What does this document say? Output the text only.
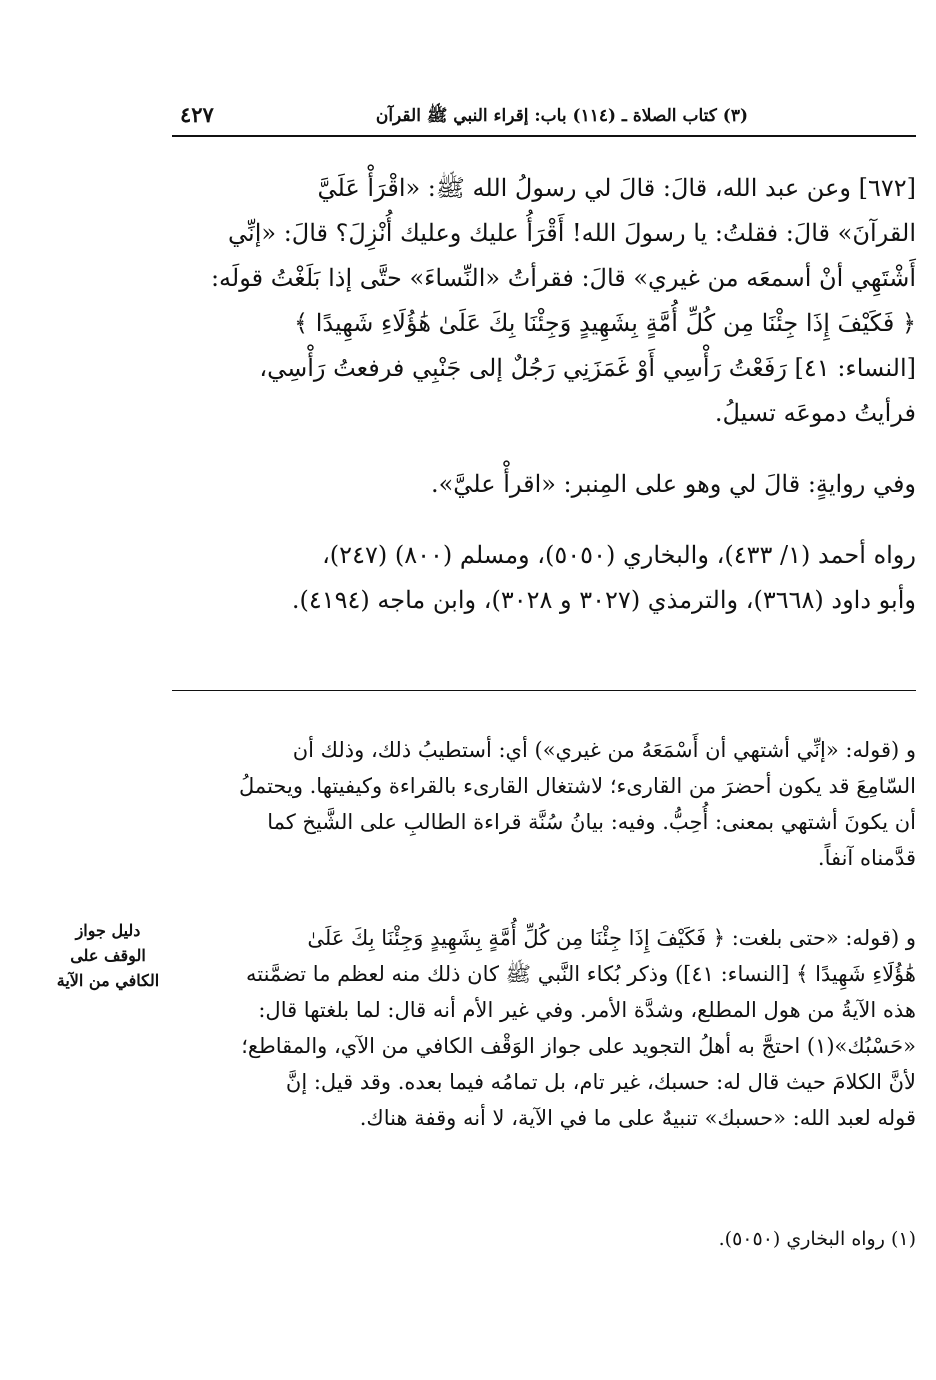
(٣) كتاب الصلاة ـ (١١٤) باب: إقراء النبي ﷺ القرآن
٤٢٧

[٦٧٢] وعن عبد الله، قالَ: قالَ لي رسولُ الله ﷺ: «اقْرَأْ عَلَيَّ

القرآنَ» قالَ: فقلتُ: يا رسولَ الله! أَقْرَأُ عليك وعليك أُنْزِلَ؟ قالَ: «إنِّي

أَشْتَهِي أنْ أسمعَه من غيري» قالَ: فقرأتُ «النِّساءَ» حتَّى إذا بَلَغْتُ قولَه:

﴿ فَكَيْفَ إِذَا جِئْنَا مِن كُلِّ أُمَّةٍ بِشَهِيدٍ وَجِئْنَا بِكَ عَلَىٰ هَٰؤُلَاءِ شَهِيدًا ﴾

[النساء: ٤١] رَفَعْتُ رَأْسِي أَوْ غَمَزَنِي رَجُلٌ إلى جَنْبِي فرفعتُ رَأْسِي،

فرأيتُ دموعَه تسيلُ.

وفي روايةٍ: قالَ لي وهو على المِنبر: «اقرأْ عليَّ».

رواه أحمد (١/ ٤٣٣)، والبخاري (٥٠٥٠)، ومسلم (٨٠٠) (٢٤٧)،

وأبو داود (٣٦٦٨)، والترمذي (٣٠٢٧ و ٣٠٢٨)، وابن ماجه (٤١٩٤).

و (قوله: «إنِّي أشتهي أن أَسْمَعَهُ من غيري») أي: أستطيبُ ذلك، وذلك أن

السّامِعَ قد يكون أحضرَ من القارىء؛ لاشتغال القارىء بالقراءة وكيفيتها. ويحتملُ

أن يكونَ أشتهي بمعنى: أُحِبُّ. وفيه: بيانُ سُنَّة قراءة الطالبِ على الشَّيخ كما

قدَّمناه آنفاً.

و (قوله: «حتى بلغت: ﴿ فَكَيْفَ إِذَا جِئْنَا مِن كُلِّ أُمَّةٍ بِشَهِيدٍ وَجِئْنَا بِكَ عَلَىٰ

هَٰؤُلَاءِ شَهِيدًا ﴾ [النساء: ٤١]) وذكر بُكاء النَّبي ﷺ كان ذلك منه لعظم ما تضمَّنته

هذه الآيةُ من هول المطلع، وشدَّة الأمر. وفي غير الأم أنه قال: لما بلغتها قال:

«حَسْبُك»(١) احتجَّ به أهلُ التجويد على جواز الوَقْف الكافي من الآي، والمقاطع؛

لأنَّ الكلامَ حيث قال له: حسبك، غير تام، بل تمامُه فيما بعده. وقد قيل: إنَّ

قوله لعبد الله: «حسبك» تنبيهٌ على ما في الآية، لا أنه وقفة هناك.

دليل جواز
الوقف على
الكافي من الآية
(١) رواه البخاري (٥٠٥٠).
